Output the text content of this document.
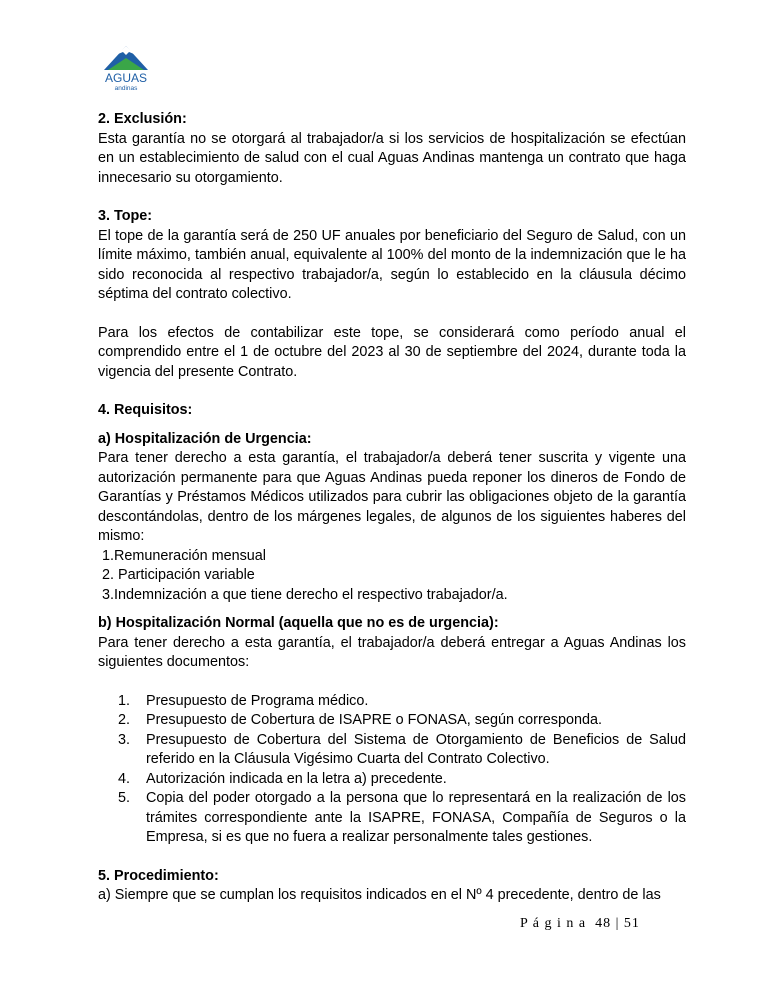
AGUAS
andinas
2. Exclusión:

Esta garantía no se otorgará al trabajador/a si los servicios de hospitalización se efectúan en un establecimiento de salud con el cual Aguas Andinas mantenga un contrato que haga innecesario su otorgamiento.

3. Tope:

El tope de la garantía será de 250 UF anuales por beneficiario del Seguro de Salud, con un límite máximo, también anual, equivalente al 100% del monto de la indemnización que le ha sido reconocida al respectivo trabajador/a, según lo establecido en la cláusula décimo séptima del contrato colectivo.

Para los efectos de contabilizar este tope, se considerará como período anual el comprendido entre el 1 de octubre del 2023 al 30 de septiembre del 2024, durante toda la vigencia del presente Contrato.

4. Requisitos:
a) Hospitalización de Urgencia:

Para tener derecho a esta garantía, el trabajador/a deberá tener suscrita y vigente una autorización permanente para que Aguas Andinas pueda reponer los dineros de Fondo de Garantías y Préstamos Médicos utilizados para cubrir las obligaciones objeto de la garantía descontándolas, dentro de los márgenes legales, de algunos de los siguientes haberes del mismo:

1.Remuneración mensual
2. Participación variable
3.Indemnización a que tiene derecho el respectivo trabajador/a.
b) Hospitalización Normal (aquella que no es de urgencia):

Para tener derecho a esta garantía, el trabajador/a deberá entregar a Aguas Andinas los siguientes documentos:

1.	Presupuesto de Programa médico.
2.	Presupuesto de Cobertura de ISAPRE o FONASA, según corresponda.
3.	Presupuesto de Cobertura del Sistema de Otorgamiento de Beneficios de Salud referido en la Cláusula Vigésimo Cuarta del Contrato Colectivo.
4.	Autorización indicada en la letra a) precedente.
5.	Copia del poder otorgado a la persona que lo representará en la realización de los trámites correspondiente ante la ISAPRE, FONASA, Compañía de Seguros o la Empresa, si es que no fuera a realizar personalmente tales gestiones.
5. Procedimiento:

a) Siempre que se cumplan los requisitos indicados en el Nº 4 precedente, dentro de las

P á g i n a  48 | 51
